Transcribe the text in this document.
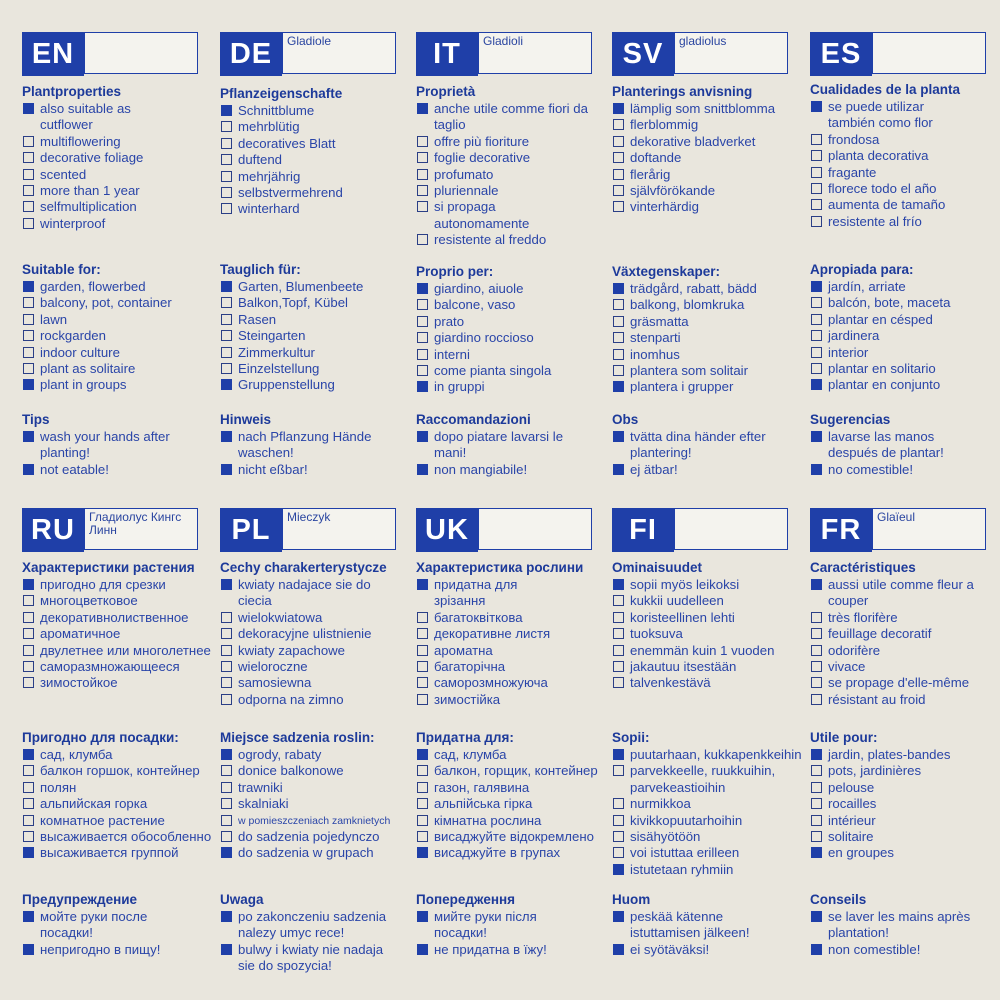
EN
Plantproperties
also suitable as
cutflower
multiflowering
decorative foliage
scented
more than 1 year
selfmultiplication
winterproof
Suitable for:
garden, flowerbed
balcony, pot, container
lawn
rockgarden
indoor culture
plant as solitaire
plant in groups
Tips
wash your hands after
planting!
not eatable!
DE	Gladiole
Pflanzeigenschafte
Schnittblume
mehrblütig
decoratives Blatt
duftend
mehrjährig
selbstvermehrend
winterhard
Tauglich für:
Garten, Blumenbeete
Balkon,Topf, Kübel
Rasen
Steingarten
Zimmerkultur
Einzelstellung
Gruppenstellung
Hinweis
nach Pflanzung Hände
waschen!
nicht eßbar!
IT	Gladioli
Proprietà
anche utile comme fiori da
taglio
offre più fioriture
foglie decorative
profumato
pluriennale
si propaga
autonomamente
resistente al freddo
Proprio per:
giardino, aiuole
balcone, vaso
prato
giardino roccioso
interni
come pianta singola
in gruppi
Raccomandazioni
dopo piatare lavarsi le
mani!
non mangiabile!
SV	gladiolus
Planterings anvisning
lämplig som snittblomma
flerblommig
dekorative bladverket
doftande
flerårig
självförökande
vinterhärdig
Växtegenskaper:
trädgård, rabatt, bädd
balkong, blomkruka
gräsmatta
stenparti
inomhus
plantera som solitair
plantera i grupper
Obs
tvätta dina händer efter
plantering!
ej ätbar!
ES
Cualidades de la planta
se puede utilizar
también como flor
frondosa
planta decorativa
fragante
florece todo el año
aumenta de tamaño
resistente al frío
Apropiada para:
jardín, arriate
balcón, bote, maceta
plantar en césped
jardinera
interior
plantar en solitario
plantar en conjunto
Sugerencias
lavarse las manos
después de plantar!
no comestible!
RU	Гладиолус Кингс Линн
Характеристики растения
пригодно для срезки
многоцветковое
декоративнолиственное
ароматичное
двулетнее или многолетнее
саморазмножающееся
зимостойкое
Пригодно для посадки:
сад, клумба
балкон горшок, контейнер
полян
альпийская горка
комнатное растение
высаживается обособленно
высаживается группой
Предупреждение
мойте руки после
посадки!
непригодно в пищу!
PL	Mieczyk
Cechy charakerterystycze
kwiaty nadajace sie do
ciecia
wielokwiatowa
dekoracyjne ulistnienie
kwiaty zapachowe
wieloroczne
samosiewna
odporna na zimno
Miejsce sadzenia roslin:
ogrody, rabaty
donice balkonowe
trawniki
skalniaki
w pomieszczeniach zamknietych
do sadzenia pojedynczo
do sadzenia w grupach
Uwaga
po zakonczeniu sadzenia
nalezy umyc rece!
bulwy i kwiaty nie nadaja
sie do spozycia!
UK
Характеристика рослини
придатна для
зрізання
багатоквіткова
декоративне листя
ароматна
багаторічна
саморозмножуюча
зимостійка
Придатна для:
сад, клумба
балкон, горщик, контейнер
газон, галявина
альпійська гірка
кімнатна рослина
висаджуйте відокремлено
висаджуйте в групах
Попередження
мийте руки після
посадки!
не придатна в їжу!
FI
Ominaisuudet
sopii myös leikoksi
kukkii uudelleen
koristeellinen lehti
tuoksuva
enemmän kuin 1 vuoden
jakautuu itsestään
talvenkestävä
Sopii:
puutarhaan, kukkapenkkeihin
parvekkeelle, ruukkuihin,
parvekeastioihin
nurmikkoa
kivikkopuutarhoihin
sisähyötöön
voi istuttaa erilleen
istutetaan ryhmiin
Huom
peskää kätenne
istuttamisen jälkeen!
ei syötäväksi!
FR	Glaïeul
Caractéristiques
aussi utile comme fleur a
couper
très florifère
feuillage decoratif
odorifère
vivace
se propage d'elle-même
résistant au froid
Utile pour:
jardin, plates-bandes
pots, jardinières
pelouse
rocailles
intérieur
solitaire
en groupes
Conseils
se laver les mains après
plantation!
non comestible!
